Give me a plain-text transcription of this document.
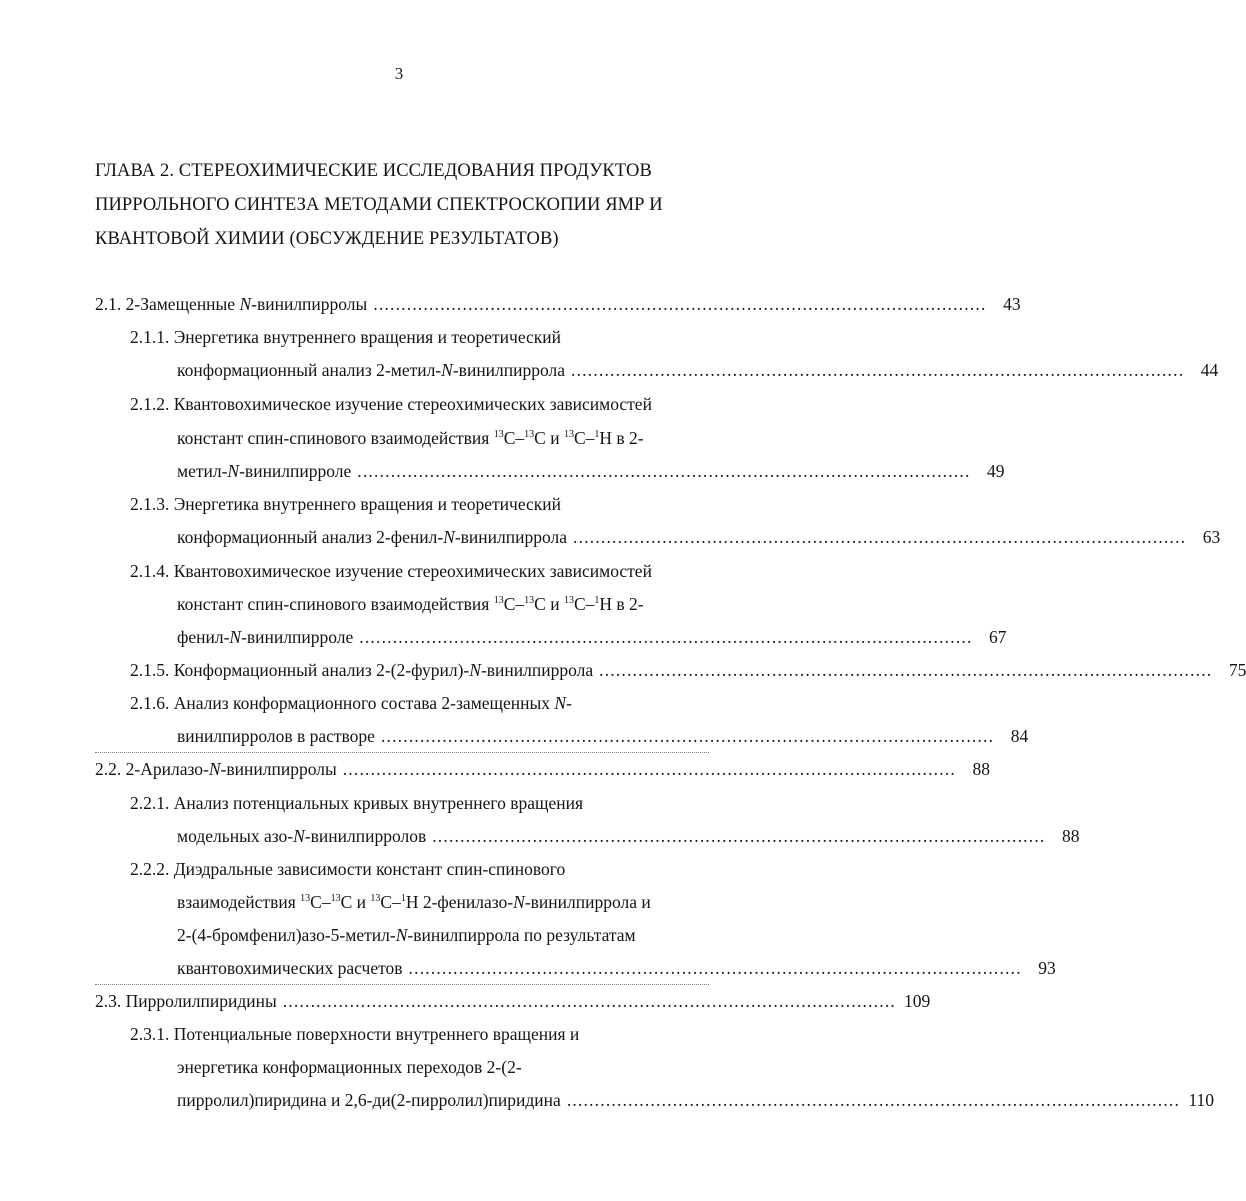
3
ГЛАВА 2. СТЕРЕОХИМИЧЕСКИЕ ИССЛЕДОВАНИЯ ПРОДУКТОВ
ПИРРОЛЬНОГО СИНТЕЗА МЕТОДАМИ СПЕКТРОСКОПИИ ЯМР И
КВАНТОВОЙ ХИМИИ (ОБСУЖДЕНИЕ РЕЗУЛЬТАТОВ)
2.1. 2-Замещенные N-винилпирролы .............................................................................................................. 43
2.1.1. Энергетика внутреннего вращения и теоретический
конформационный анализ 2-метил-N-винилпиррола .............................................................................................................. 44
2.1.2. Квантовохимическое изучение стереохимических зависимостей
констант спин-спинового взаимодействия $^{13}$C–$^{13}$C и $^{13}$C–$^1$H в 2-
метил-N-винилпирроле .............................................................................................................. 49
2.1.3. Энергетика внутреннего вращения и теоретический
конформационный анализ 2-фенил-N-винилпиррола .............................................................................................................. 63
2.1.4. Квантовохимическое изучение стереохимических зависимостей
констант спин-спинового взаимодействия $^{13}$C–$^{13}$C и $^{13}$C–$^1$H в 2-
фенил-N-винилпирроле .............................................................................................................. 67
2.1.5. Конформационный анализ 2-(2-фурил)-N-винилпиррола .............................................................................................................. 75
2.1.6. Анализ конформационного состава 2-замещенных N-
винилпирролов в растворе .............................................................................................................. 84
2.2. 2-Арилазо-N-винилпирролы .............................................................................................................. 88
2.2.1. Анализ потенциальных кривых внутреннего вращения
модельных азо-N-винилпирролов .............................................................................................................. 88
2.2.2. Диэдральные зависимости констант спин-спинового
взаимодействия $^{13}$C–$^{13}$C и $^{13}$C–$^1$H 2-фенилазо-N-винилпиррола и
2-(4-бромфенил)азо-5-метил-N-винилпиррола по результатам
квантовохимических расчетов .............................................................................................................. 93
2.3. Пирролилпиридины .............................................................................................................. 109
2.3.1. Потенциальные поверхности внутреннего вращения и
энергетика конформационных переходов 2-(2-
пирролил)пиридина и 2,6-ди(2-пирролил)пиридина .............................................................................................................. 110
